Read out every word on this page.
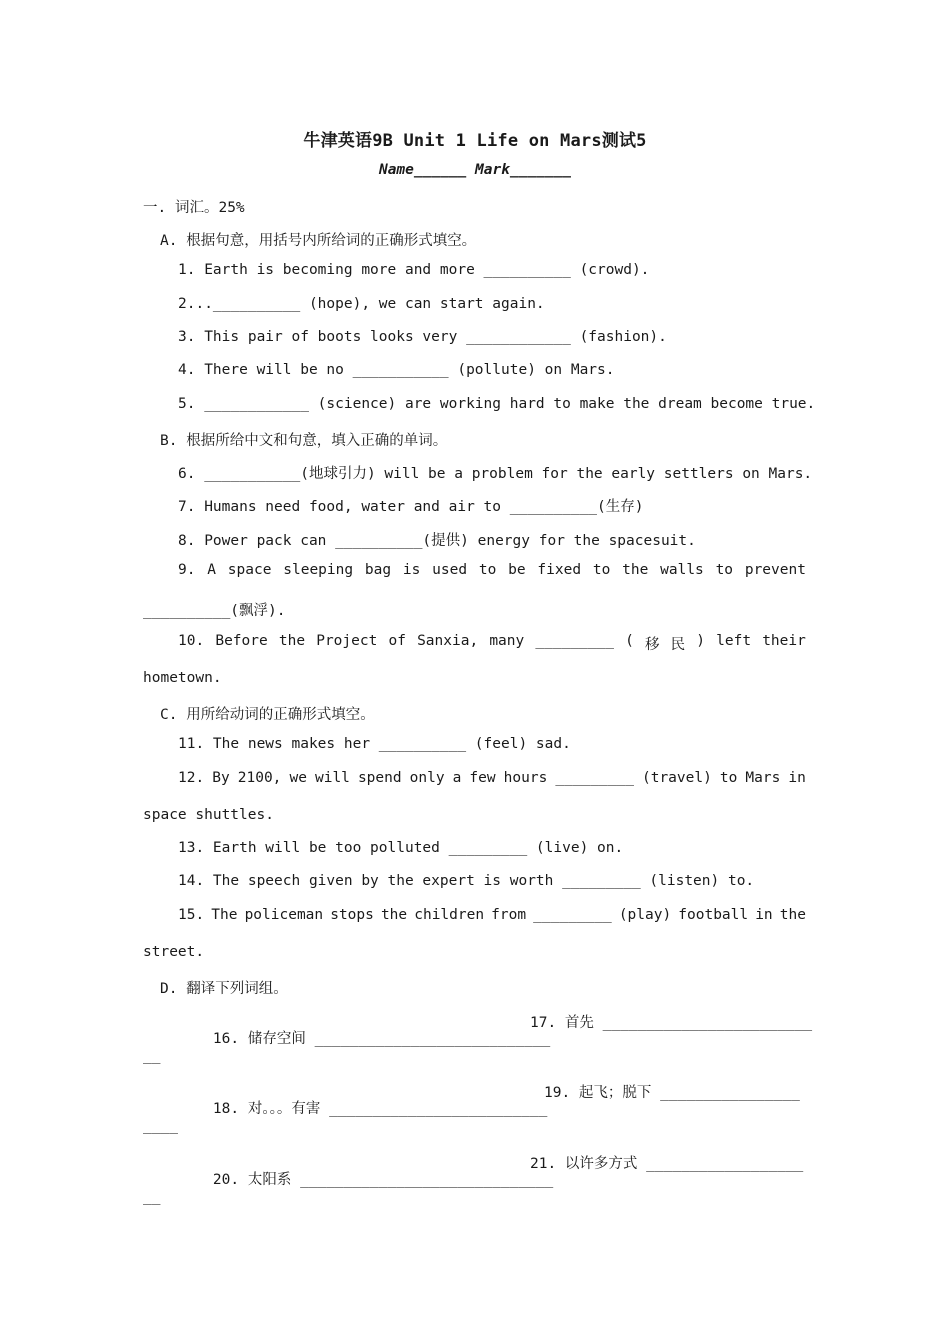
牛津英语9B Unit 1 Life on Mars测试5
Name______ Mark_______
一. 词汇。25%
A. 根据句意，用括号内所给词的正确形式填空。
1. Earth is becoming more and more __________ (crowd).
2...__________ (hope), we can start again.
3. This pair of boots looks very ____________ (fashion).
4. There will be no ___________ (pollute) on Mars.
5. ____________ (science) are working hard to make the dream become true.
B. 根据所给中文和句意，填入正确的单词。
6. ___________(地球引力) will be a problem for the early settlers on Mars.
7. Humans need food, water and air to __________(生存)
8. Power pack can __________(提供) energy for the spacesuit.
9. A space sleeping bag is used to be fixed to the walls to prevent
__________(飘浮).
10. Before the Project of Sanxia, many _________ ( 移 民 ) left their
hometown.
C. 用所给动词的正确形式填空。
11. The news makes her __________ (feel) sad.
12. By 2100, we will spend only a few hours _________ (travel) to Mars in
space shuttles.
13. Earth will be too polluted _________ (live) on.
14. The speech given by the expert is worth _________ (listen) to.
15. The policeman stops the children from _________ (play) football in the
street.
D. 翻译下列词组。

16. 储存空间 ___________________________

17. 首先 ________________________

__

18. 对。。。有害 _________________________

19. 起飞；脱下 ________________

____

20. 太阳系 _____________________________

21. 以许多方式 __________________

__
